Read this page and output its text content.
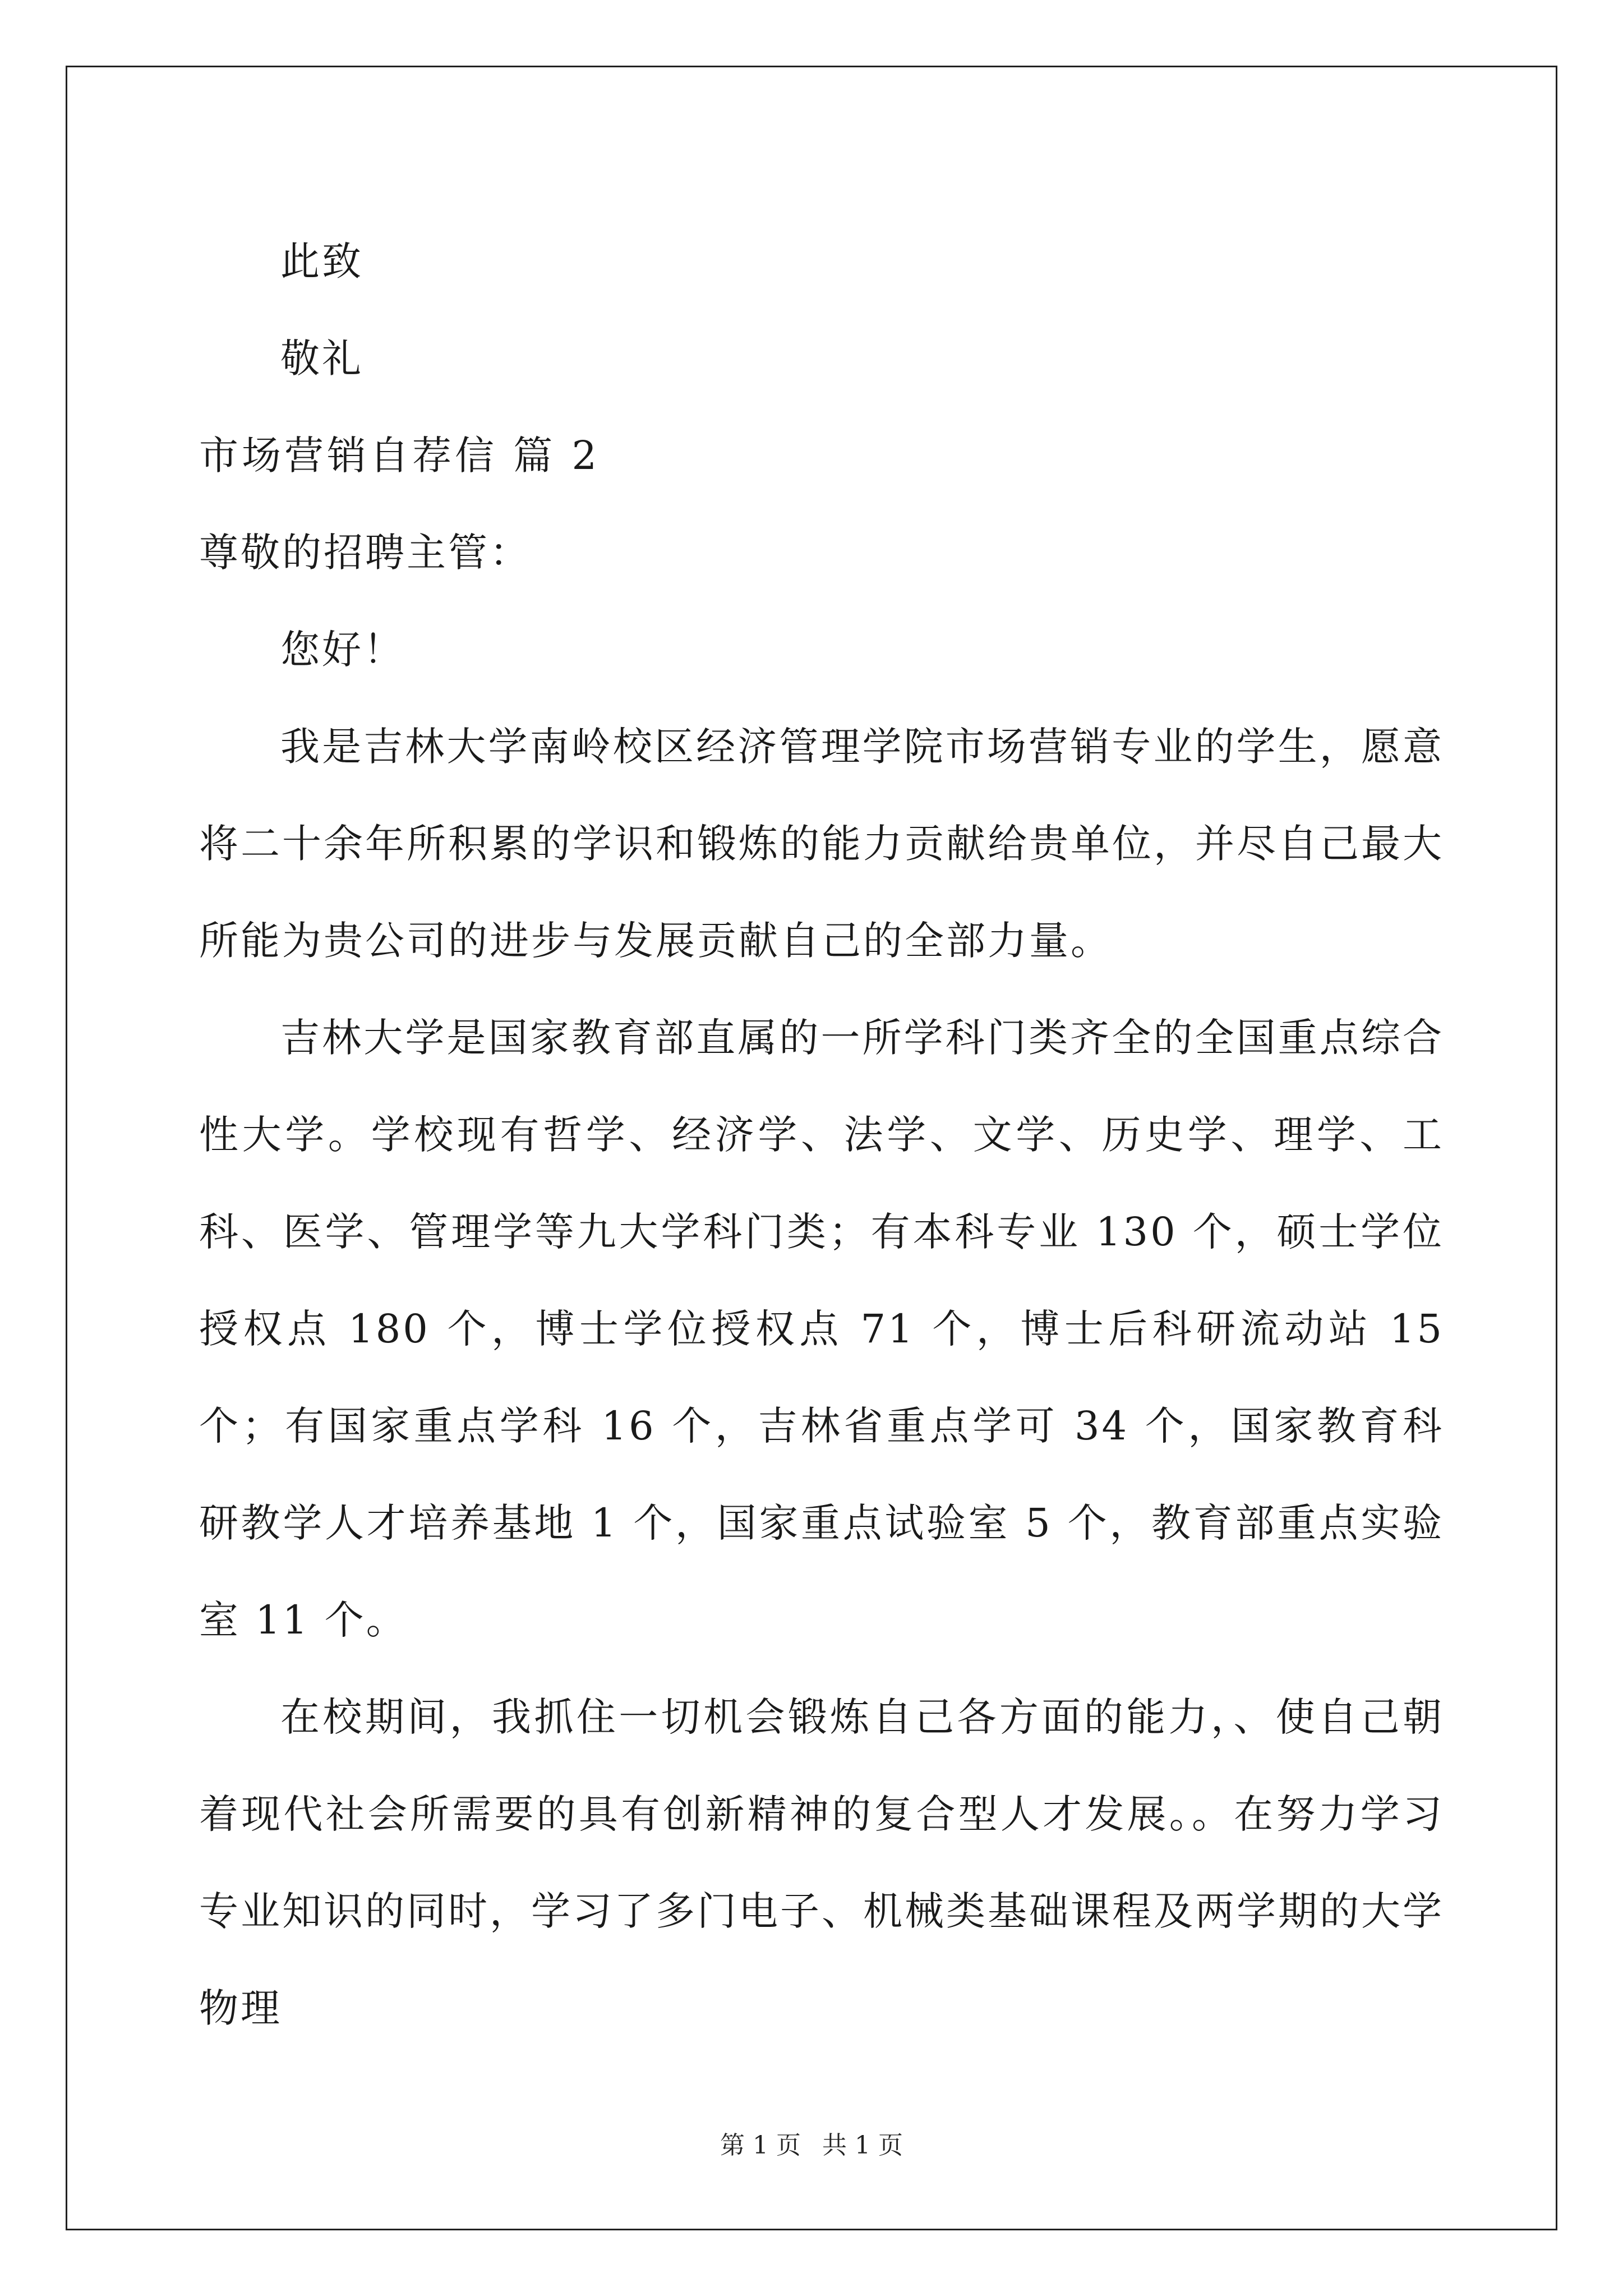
此致
敬礼
市场营销自荐信 篇 2
尊敬的招聘主管：
您好！

我是吉林大学南岭校区经济管理学院市场营销专业的学生，愿意将二十余年所积累的学识和锻炼的能力贡献给贵单位，并尽自己最大所能为贵公司的进步与发展贡献自己的全部力量。

吉林大学是国家教育部直属的一所学科门类齐全的全国重点综合性大学。学校现有哲学、经济学、法学、文学、历史学、理学、工科、医学、管理学等九大学科门类；有本科专业 130 个，硕士学位授权点 180 个，博士学位授权点 71 个，博士后科研流动站 15 个；有国家重点学科 16 个，吉林省重点学可 34 个，国家教育科研教学人才培养基地 1 个，国家重点试验室 5 个，教育部重点实验室 11 个。

在校期间，我抓住一切机会锻炼自己各方面的能力，、使自己朝着现代社会所需要的具有创新精神的复合型人才发展。。在努力学习专业知识的同时，学习了多门电子、机械类基础课程及两学期的大学物理

第 1 页 共 1 页
